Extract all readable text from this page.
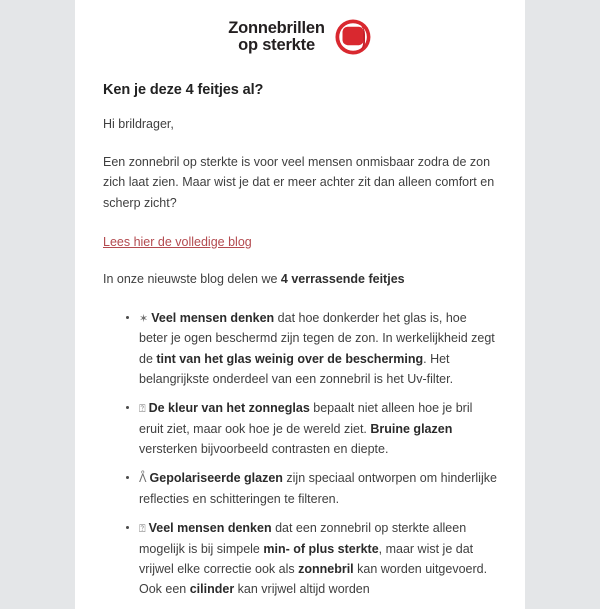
Zonnebrillen
op sterkte
Ken je deze 4 feitjes al?
Hi brildrager,
Een zonnebril op sterkte is voor veel mensen onmisbaar zodra de zon zich laat zien. Maar wist je dat er meer achter zit dan alleen comfort en scherp zicht?
Lees hier de volledige blog
In onze nieuwste blog delen we 4 verrassende feitjes
✶ Veel mensen denken dat hoe donkerder het glas is, hoe beter je ogen beschermd zijn tegen de zon. In werkelijkheid zegt de tint van het glas weinig over de bescherming. Het belangrijkste onderdeel van een zonnebril is het Uv-filter.
⍰ De kleur van het zonneglas bepaalt niet alleen hoe je bril eruit ziet, maar ook hoe je de wereld ziet. Bruine glazen versterken bijvoorbeeld contrasten en diepte.
ᐰ Gepolariseerde glazen zijn speciaal ontworpen om hinderlijke reflecties en schitteringen te filteren.
⍰ Veel mensen denken dat een zonnebril op sterkte alleen mogelijk is bij simpele min- of plus sterkte, maar wist je dat vrijwel elke correctie ook als zonnebril kan worden uitgevoerd. Ook een cilinder kan vrijwel altijd worden
